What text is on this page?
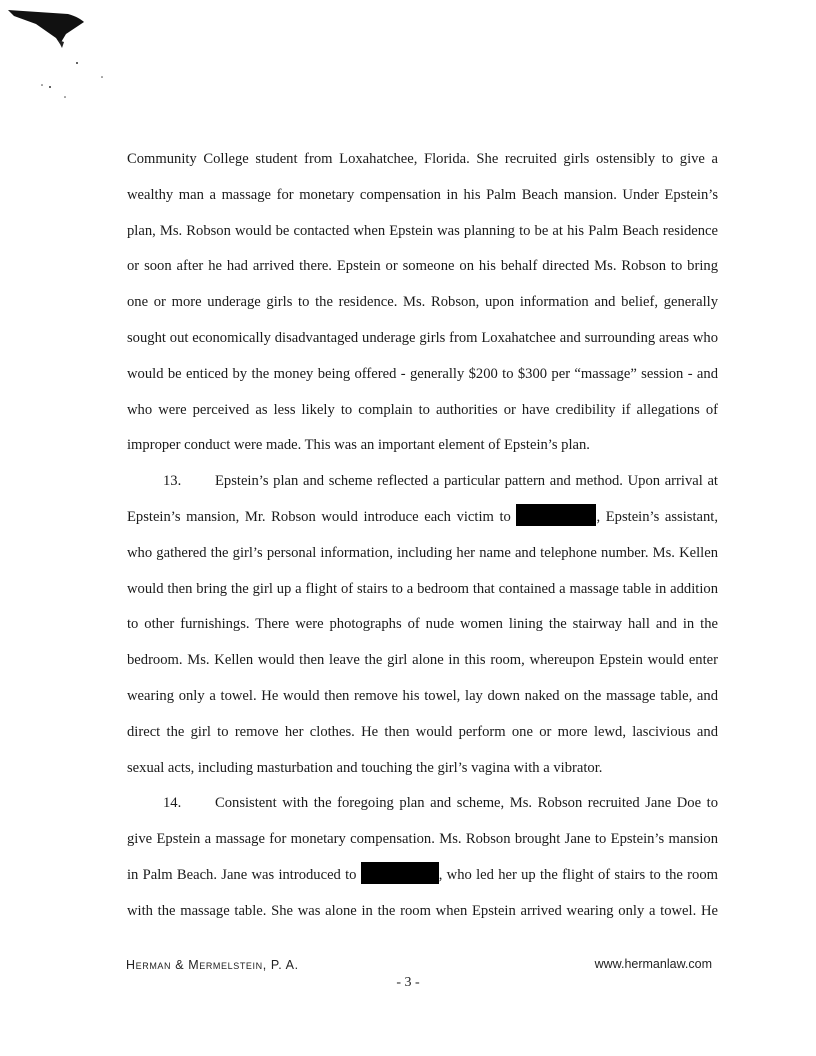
Community College student from Loxahatchee, Florida. She recruited girls ostensibly to give a
wealthy man a massage for monetary compensation in his Palm Beach mansion. Under Epstein’s
plan, Ms. Robson would be contacted when Epstein was planning to be at his Palm Beach residence
or soon after he had arrived there. Epstein or someone on his behalf directed Ms. Robson to bring
one or more underage girls to the residence. Ms. Robson, upon information and belief, generally
sought out economically disadvantaged underage girls from Loxahatchee and surrounding areas who
would be enticed by the money being offered - generally $200 to $300 per “massage” session - and
who were perceived as less likely to complain to authorities or have credibility if allegations of
improper conduct were made. This was an important element of Epstein’s plan.
13. Epstein’s plan and scheme reflected a particular pattern and method. Upon arrival at
Epstein’s mansion, Mr. Robson would introduce each victim to	, Epstein’s assistant,
who gathered the girl’s personal information, including her name and telephone number. Ms. Kellen
would then bring the girl up a flight of stairs to a bedroom that contained a massage table in addition
to other furnishings. There were photographs of nude women lining the stairway hall and in the
bedroom. Ms. Kellen would then leave the girl alone in this room, whereupon Epstein would enter
wearing only a towel. He would then remove his towel, lay down naked on the massage table, and
direct the girl to remove her clothes. He then would perform one or more lewd, lascivious and
sexual acts, including masturbation and touching the girl’s vagina with a vibrator.
14. Consistent with the foregoing plan and scheme, Ms. Robson recruited Jane Doe to
give Epstein a massage for monetary compensation. Ms. Robson brought Jane to Epstein’s mansion
in Palm Beach. Jane was introduced to	, who led her up the flight of stairs to the room
with the massage table. She was alone in the room when Epstein arrived wearing only a towel. He
Herman & Mermelstein, P. A.	www.hermanlaw.com
- 3 -
